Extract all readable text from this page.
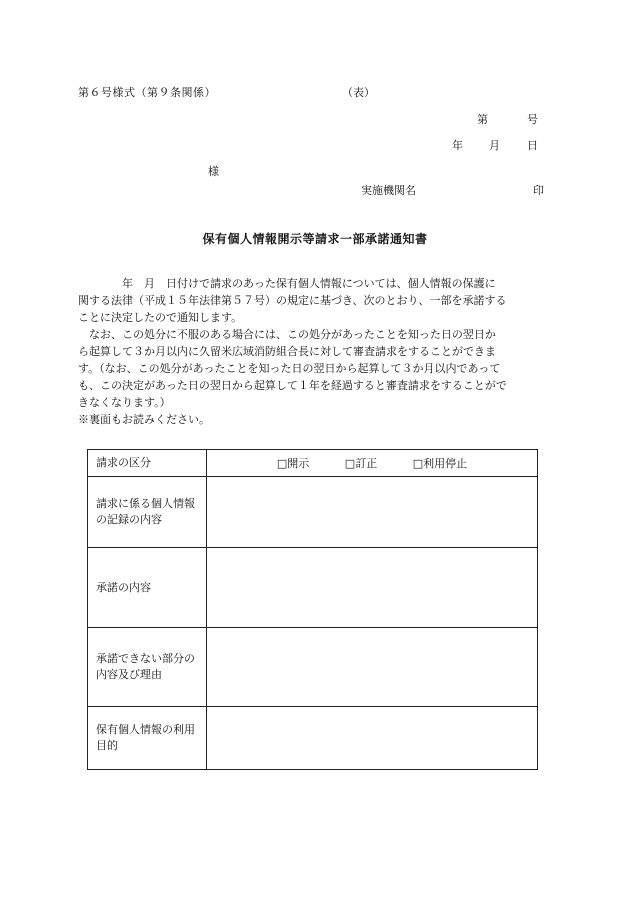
第６号様式（第９条関係）	（表）
第	号
年 月 日
様
実施機関名	印
保有個人情報開示等請求一部承諾通知書
　　　　年　月　日付けで請求のあった保有個人情報については、個人情報の保護に
関する法律（平成１５年法律第５７号）の規定に基づき、次のとおり、一部を承諾する
ことに決定したので通知します。
　なお、この処分に不服のある場合には、この処分があったことを知った日の翌日か
ら起算して３か月以内に久留米広域消防組合長に対して審査請求をすることができま
す。（なお、この処分があったことを知った日の翌日から起算して３か月以内であって
も、この決定があった日の翌日から起算して１年を経過すると審査請求をすることがで
きなくなります。）
※裏面もお読みください。
請求の区分	□開示 □訂正 □利用停止
請求に係る個人情報の記録の内容	
承諾の内容	
承諾できない部分の内容及び理由	
保有個人情報の利用目的	
